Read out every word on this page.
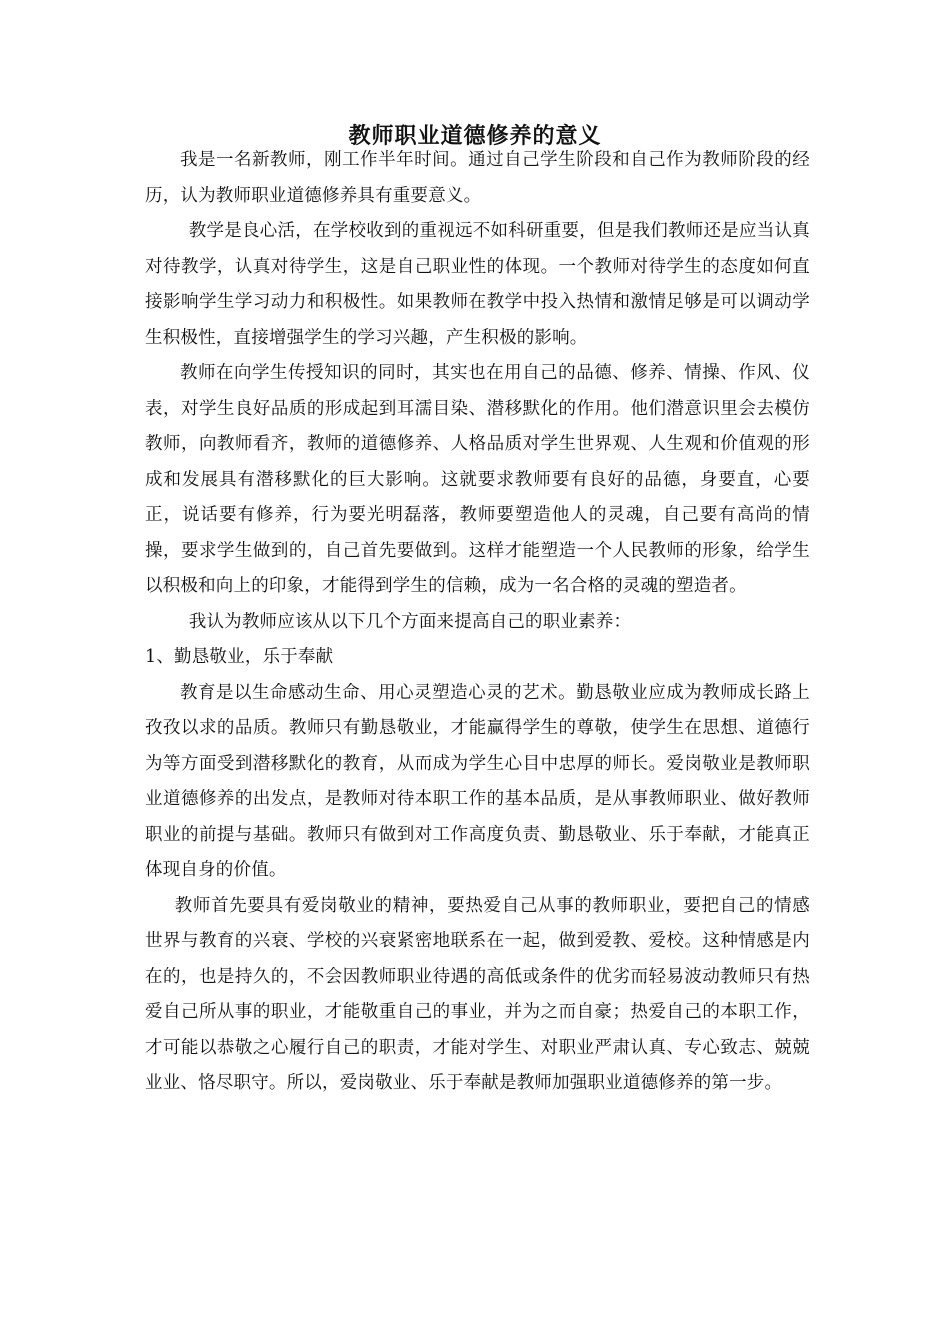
教师职业道德修养的意义

我是一名新教师，刚工作半年时间。通过自己学生阶段和自己作为教师阶段的经历，认为教师职业道德修养具有重要意义。

教学是良心活，在学校收到的重视远不如科研重要，但是我们教师还是应当认真对待教学，认真对待学生，这是自己职业性的体现。一个教师对待学生的态度如何直接影响学生学习动力和积极性。如果教师在教学中投入热情和激情足够是可以调动学生积极性，直接增强学生的学习兴趣，产生积极的影响。

教师在向学生传授知识的同时，其实也在用自己的品德、修养、情操、作风、仪表，对学生良好品质的形成起到耳濡目染、潜移默化的作用。他们潜意识里会去模仿教师，向教师看齐，教师的道德修养、人格品质对学生世界观、人生观和价值观的形成和发展具有潜移默化的巨大影响。这就要求教师要有良好的品德，身要直，心要正，说话要有修养，行为要光明磊落，教师要塑造他人的灵魂，自己要有高尚的情操，要求学生做到的，自己首先要做到。这样才能塑造一个人民教师的形象，给学生以积极和向上的印象，才能得到学生的信赖，成为一名合格的灵魂的塑造者。

我认为教师应该从以下几个方面来提高自己的职业素养：

1、勤恳敬业，乐于奉献

教育是以生命感动生命、用心灵塑造心灵的艺术。勤恳敬业应成为教师成长路上孜孜以求的品质。教师只有勤恳敬业，才能赢得学生的尊敬，使学生在思想、道德行为等方面受到潜移默化的教育，从而成为学生心目中忠厚的师长。爱岗敬业是教师职业道德修养的出发点，是教师对待本职工作的基本品质，是从事教师职业、做好教师职业的前提与基础。教师只有做到对工作高度负责、勤恳敬业、乐于奉献，才能真正体现自身的价值。

教师首先要具有爱岗敬业的精神，要热爱自己从事的教师职业，要把自己的情感世界与教育的兴衰、学校的兴衰紧密地联系在一起，做到爱教、爱校。这种情感是内在的，也是持久的，不会因教师职业待遇的高低或条件的优劣而轻易波动教师只有热爱自己所从事的职业，才能敬重自己的事业，并为之而自豪；热爱自己的本职工作，才可能以恭敬之心履行自己的职责，才能对学生、对职业严肃认真、专心致志、兢兢业业、恪尽职守。所以，爱岗敬业、乐于奉献是教师加强职业道德修养的第一步。
